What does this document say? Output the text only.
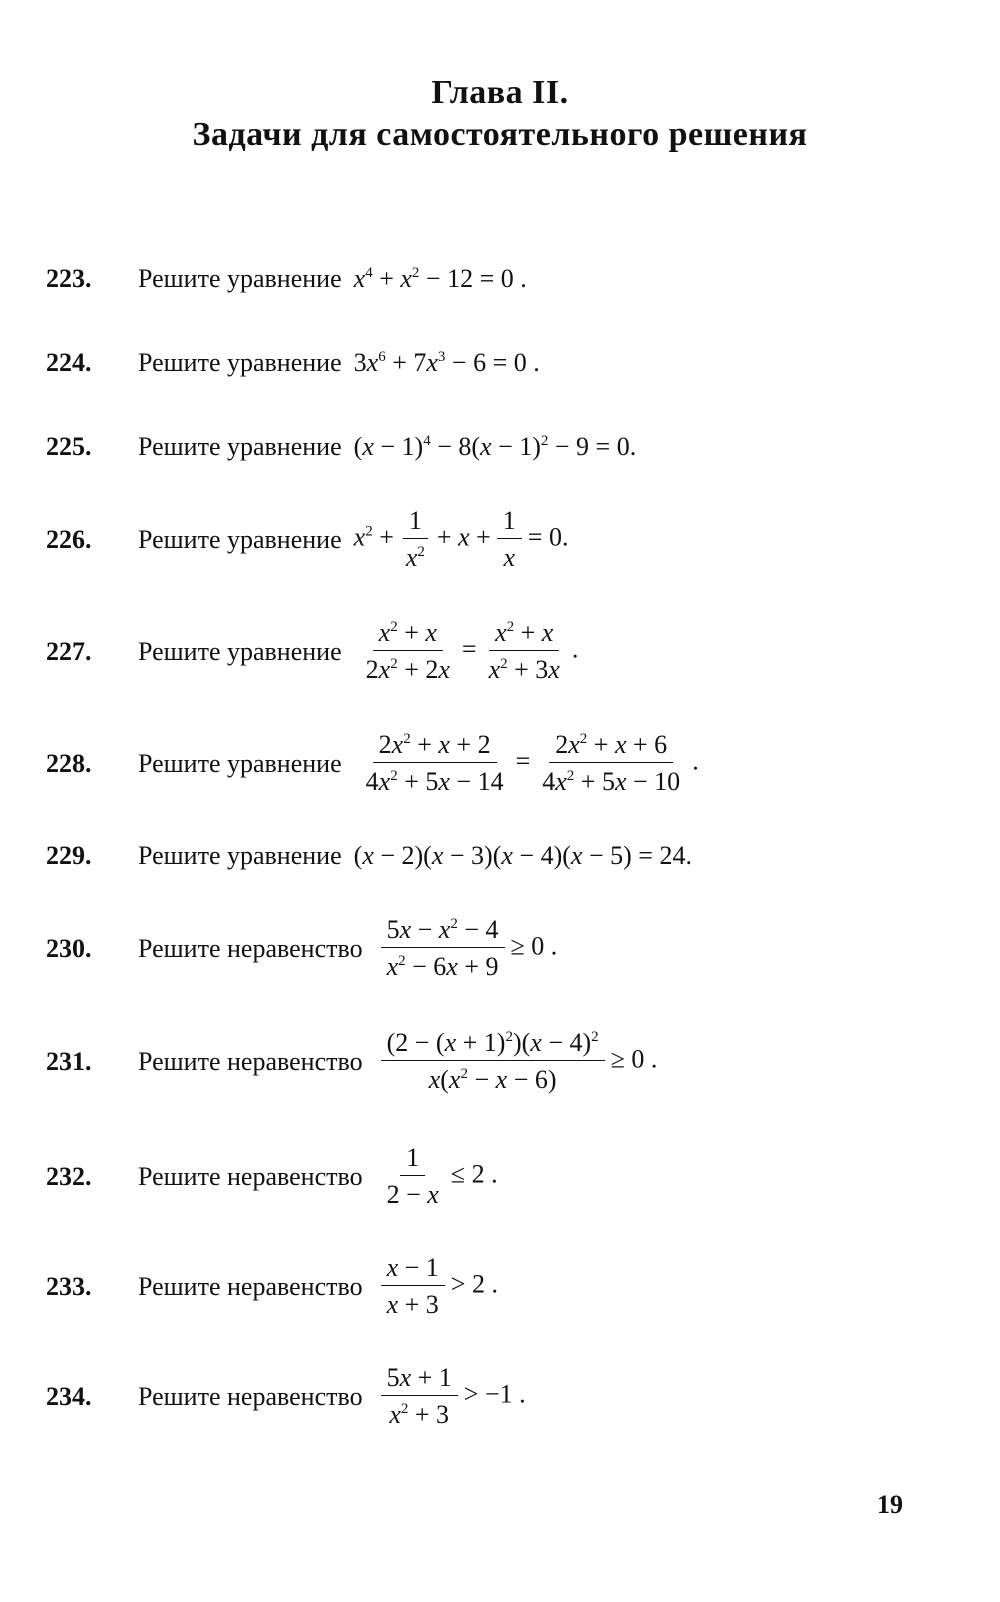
Глава II.
Задачи для самостоятельного решения
223.	Решите уравнение $x^4 + x^2 - 12 = 0$ .
224.	Решите уравнение $3x^6 + 7x^3 - 6 = 0$ .
225.	Решите уравнение $(x - 1)^4 - 8(x - 1)^2 - 9 = 0$.
226.	Решите уравнение $x^2 + \frac{1}{x^2} + x + \frac{1}{x} = 0$.
227.	Решите уравнение $\frac{x^2 + x}{2x^2 + 2x} = \frac{x^2 + x}{x^2 + 3x}$ .
228.	Решите уравнение $\frac{2x^2 + x + 2}{4x^2 + 5x - 14} = \frac{2x^2 + x + 6}{4x^2 + 5x - 10}$ .
229.	Решите уравнение (x − 2)(x − 3)(x − 4)(x − 5) = 24.
230.	Решите неравенство $\frac{5x - x^2 - 4}{x^2 - 6x + 9} \ge 0$ .
231.	Решите неравенство $\frac{(2 - (x + 1)^2)(x - 4)^2}{x(x^2 - x - 6)} \ge 0$ .
232.	Решите неравенство $\frac{1}{2 - x} \le 2$ .
233.	Решите неравенство $\frac{x - 1}{x + 3} > 2$ .
234.	Решите неравенство $\frac{5x + 1}{x^2 + 3} > -1$ .
19
